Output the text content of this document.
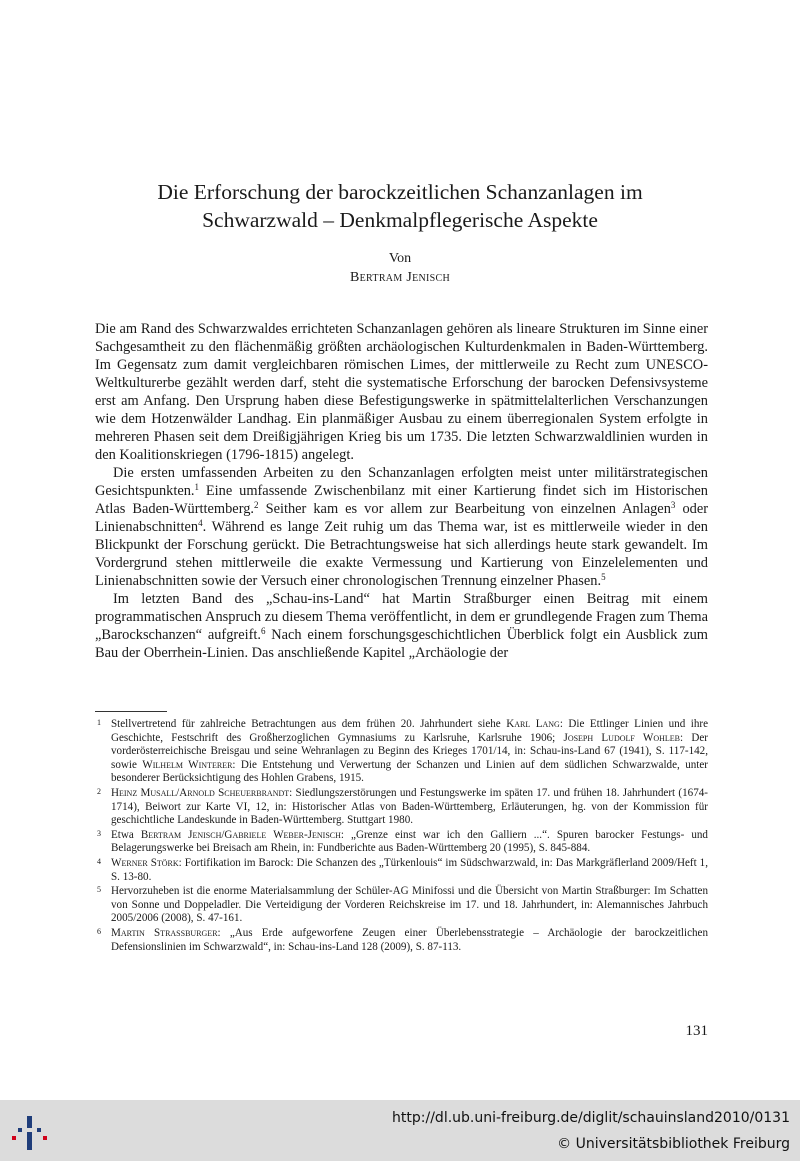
Die Erforschung der barockzeitlichen Schanzanlagen im
Schwarzwald – Denkmalpflegerische Aspekte
Von
Bertram Jenisch

Die am Rand des Schwarzwaldes errichteten Schanzanlagen gehören als lineare Strukturen im Sinne einer Sachgesamtheit zu den flächenmäßig größten archäologischen Kulturdenkmalen in Baden-Württemberg. Im Gegensatz zum damit vergleichbaren römischen Limes, der mittlerweile zu Recht zum UNESCO-Weltkulturerbe gezählt werden darf, steht die systematische Erforschung der barocken Defensivsysteme erst am Anfang. Den Ursprung haben diese Befestigungswerke in spätmittelalterlichen Verschanzungen wie dem Hotzenwälder Landhag. Ein planmäßiger Ausbau zu einem überregionalen System erfolgte in mehreren Phasen seit dem Dreißigjährigen Krieg bis um 1735. Die letzten Schwarzwaldlinien wurden in den Koalitionskriegen (1796-1815) angelegt.

Die ersten umfassenden Arbeiten zu den Schanzanlagen erfolgten meist unter militärstrategischen Gesichtspunkten.$^1$ Eine umfassende Zwischenbilanz mit einer Kartierung findet sich im Historischen Atlas Baden-Württemberg.$^2$ Seither kam es vor allem zur Bearbeitung von einzelnen Anlagen$^3$ oder Linienabschnitten$^4$. Während es lange Zeit ruhig um das Thema war, ist es mittlerweile wieder in den Blickpunkt der Forschung gerückt. Die Betrachtungsweise hat sich allerdings heute stark gewandelt. Im Vordergrund stehen mittlerweile die exakte Vermessung und Kartierung von Einzelelementen und Linienabschnitten sowie der Versuch einer chronologischen Trennung einzelner Phasen.$^5$

Im letzten Band des „Schau-ins-Land“ hat Martin Straßburger einen Beitrag mit einem programmatischen Anspruch zu diesem Thema veröffentlicht, in dem er grundlegende Fragen zum Thema „Barockschanzen“ aufgreift.$^6$ Nach einem forschungsgeschichtlichen Überblick folgt ein Ausblick zum Bau der Oberrhein-Linien. Das anschließende Kapitel „Archäologie der

1 Stellvertretend für zahlreiche Betrachtungen aus dem frühen 20. Jahrhundert siehe Karl Lang: Die Ettlinger Linien und ihre Geschichte, Festschrift des Großherzoglichen Gymnasiums zu Karlsruhe, Karlsruhe 1906; Joseph Ludolf Wohleb: Der vorderösterreichische Breisgau und seine Wehranlagen zu Beginn des Krieges 1701/14, in: Schau-ins-Land 67 (1941), S. 117-142, sowie Wilhelm Winterer: Die Entstehung und Verwertung der Schanzen und Linien auf dem südlichen Schwarzwalde, unter besonderer Berücksichtigung des Hohlen Grabens, 1915.
2 Heinz Musall/Arnold Scheuerbrandt: Siedlungszerstörungen und Festungswerke im späten 17. und frühen 18. Jahrhundert (1674-1714), Beiwort zur Karte VI, 12, in: Historischer Atlas von Baden-Württemberg, Erläuterungen, hg. von der Kommission für geschichtliche Landeskunde in Baden-Württemberg. Stuttgart 1980.
3 Etwa Bertram Jenisch/Gabriele Weber-Jenisch: „Grenze einst war ich den Galliern ...“. Spuren barocker Festungs- und Belagerungswerke bei Breisach am Rhein, in: Fundberichte aus Baden-Württemberg 20 (1995), S. 845-884.
4 Werner Störk: Fortifikation im Barock: Die Schanzen des „Türkenlouis“ im Südschwarzwald, in: Das Markgräflerland 2009/Heft 1, S. 13-80.
5 Hervorzuheben ist die enorme Materialsammlung der Schüler-AG Minifossi und die Übersicht von Martin Straßburger: Im Schatten von Sonne und Doppeladler. Die Verteidigung der Vorderen Reichskreise im 17. und 18. Jahrhundert, in: Alemannisches Jahrbuch 2005/2006 (2008), S. 47-161.
6 Martin Straßburger: „Aus Erde aufgeworfene Zeugen einer Überlebensstrategie – Archäologie der barockzeitlichen Defensionslinien im Schwarzwald“, in: Schau-ins-Land 128 (2009), S. 87-113.
131
http://dl.ub.uni-freiburg.de/diglit/schauinsland2010/0131
© Universitätsbibliothek Freiburg
